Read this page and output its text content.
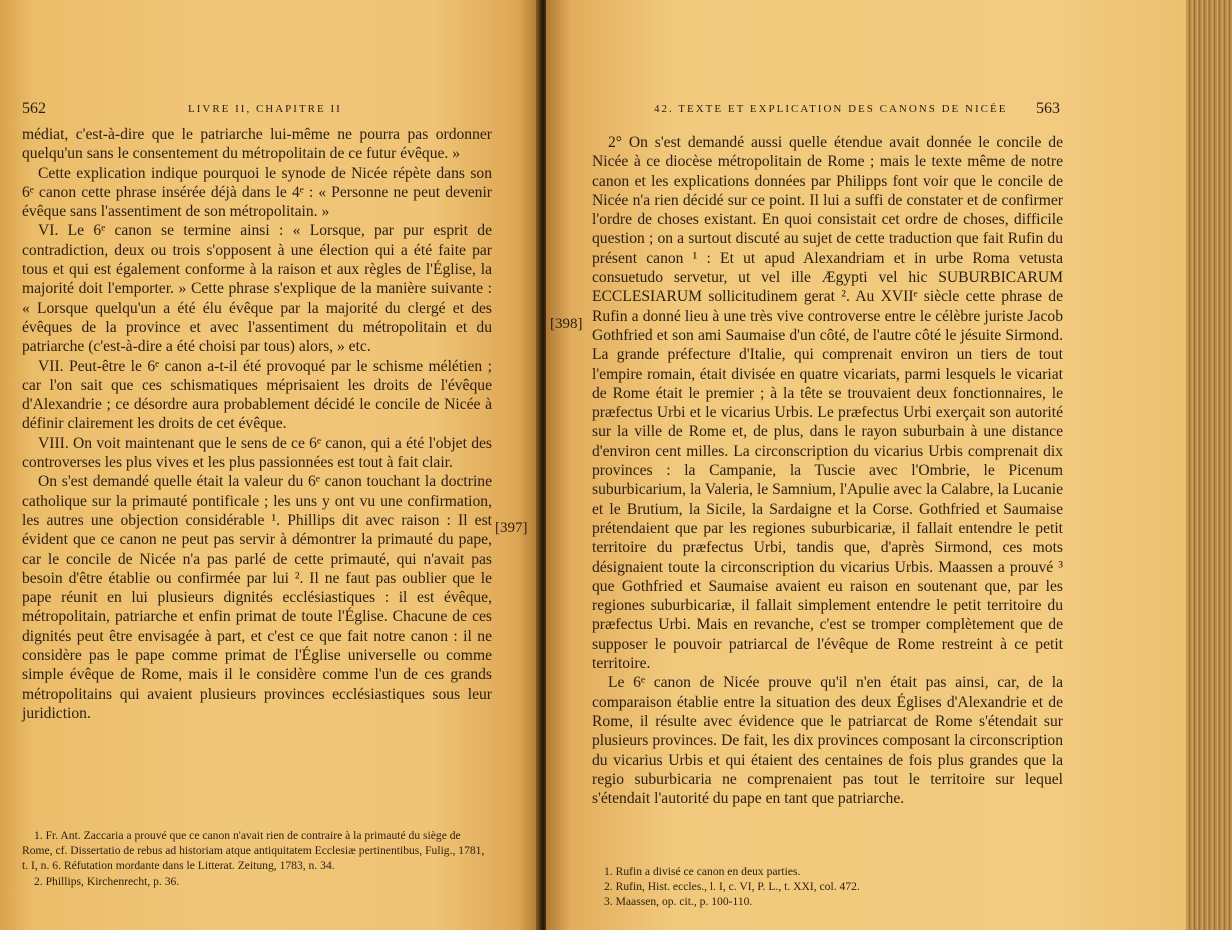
562	LIVRE II, CHAPITRE II

médiat, c'est-à-dire que le patriarche lui-même ne pourra pas ordonner quelqu'un sans le consentement du métropolitain de ce futur évêque. »

Cette explication indique pourquoi le synode de Nicée répète dans son 6ᵉ canon cette phrase insérée déjà dans le 4ᵉ : « Personne ne peut devenir évêque sans l'assentiment de son métropolitain. »

VI. Le 6ᵉ canon se termine ainsi : « Lorsque, par pur esprit de contradiction, deux ou trois s'opposent à une élection qui a été faite par tous et qui est également conforme à la raison et aux règles de l'Église, la majorité doit l'emporter. » Cette phrase s'explique de la manière suivante : « Lorsque quelqu'un a été élu évêque par la majorité du clergé et des évêques de la province et avec l'assentiment du métropolitain et du patriarche (c'est-à-dire a été choisi par tous) alors, » etc.

VII. Peut-être le 6ᵉ canon a-t-il été provoqué par le schisme mélétien ; car l'on sait que ces schismatiques méprisaient les droits de l'évêque d'Alexandrie ; ce désordre aura probablement décidé le concile de Nicée à définir clairement les droits de cet évêque.

VIII. On voit maintenant que le sens de ce 6ᵉ canon, qui a été l'objet des controverses les plus vives et les plus passionnées est tout à fait clair.

On s'est demandé quelle était la valeur du 6ᵉ canon touchant la doctrine catholique sur la primauté pontificale ; les uns y ont vu une confirmation, les autres une objection considérable ¹. Phillips dit avec raison : Il est évident que ce canon ne peut pas servir à démontrer la primauté du pape, car le concile de Nicée n'a pas parlé de cette primauté, qui n'avait pas besoin d'être établie ou confirmée par lui ². Il ne faut pas oublier que le pape réunit en lui plusieurs dignités ecclésiastiques : il est évêque, métropolitain, patriarche et enfin primat de toute l'Église. Chacune de ces dignités peut être envisagée à part, et c'est ce que fait notre canon : il ne considère pas le pape comme primat de l'Église universelle ou comme simple évêque de Rome, mais il le considère comme l'un de ces grands métropolitains qui avaient plusieurs provinces ecclésiastiques sous leur juridiction.

1. Fr. Ant. Zaccaria a prouvé que ce canon n'avait rien de contraire à la primauté du siège de Rome, cf. Dissertatio de rebus ad historiam atque antiquitatem Ecclesiæ pertinentibus, Fulig., 1781, t. I, n. 6. Réfutation mordante dans le Litterat. Zeitung, 1783, n. 34.

2. Phillips, Kirchenrecht, p. 36.

[397]
42. TEXTE ET EXPLICATION DES CANONS DE NICÉE 563
[398]

2° On s'est demandé aussi quelle étendue avait donnée le concile de Nicée à ce diocèse métropolitain de Rome ; mais le texte même de notre canon et les explications données par Philipps font voir que le concile de Nicée n'a rien décidé sur ce point. Il lui a suffi de constater et de confirmer l'ordre de choses existant. En quoi consistait cet ordre de choses, difficile question ; on a surtout discuté au sujet de cette traduction que fait Rufin du présent canon ¹ : Et ut apud Alexandriam et in urbe Roma vetusta consuetudo servetur, ut vel ille Ægypti vel hic SUBURBICARUM ECCLESIARUM sollicitudinem gerat ². Au XVIIᵉ siècle cette phrase de Rufin a donné lieu à une très vive controverse entre le célèbre juriste Jacob Gothfried et son ami Saumaise d'un côté, de l'autre côté le jésuite Sirmond. La grande préfecture d'Italie, qui comprenait environ un tiers de tout l'empire romain, était divisée en quatre vicariats, parmi lesquels le vicariat de Rome était le premier ; à la tête se trouvaient deux fonctionnaires, le præfectus Urbi et le vicarius Urbis. Le præfectus Urbi exerçait son autorité sur la ville de Rome et, de plus, dans le rayon suburbain à une distance d'environ cent milles. La circonscription du vicarius Urbis comprenait dix provinces : la Campanie, la Tuscie avec l'Ombrie, le Picenum suburbicarium, la Valeria, le Samnium, l'Apulie avec la Calabre, la Lucanie et le Brutium, la Sicile, la Sardaigne et la Corse. Gothfried et Saumaise prétendaient que par les regiones suburbicariæ, il fallait entendre le petit territoire du præfectus Urbi, tandis que, d'après Sirmond, ces mots désignaient toute la circonscription du vicarius Urbis. Maassen a prouvé ³ que Gothfried et Saumaise avaient eu raison en soutenant que, par les regiones suburbicariæ, il fallait simplement entendre le petit territoire du præfectus Urbi. Mais en revanche, c'est se tromper complètement que de supposer le pouvoir patriarcal de l'évêque de Rome restreint à ce petit territoire.

Le 6ᵉ canon de Nicée prouve qu'il n'en était pas ainsi, car, de la comparaison établie entre la situation des deux Églises d'Alexandrie et de Rome, il résulte avec évidence que le patriarcat de Rome s'étendait sur plusieurs provinces. De fait, les dix provinces composant la circonscription du vicarius Urbis et qui étaient des centaines de fois plus grandes que la regio suburbicaria ne comprenaient pas tout le territoire sur lequel s'étendait l'autorité du pape en tant que patriarche.

1. Rufin a divisé ce canon en deux parties.

2. Rufin, Hist. eccles., l. I, c. VI, P. L., t. XXI, col. 472.

3. Maassen, op. cit., p. 100-110.
